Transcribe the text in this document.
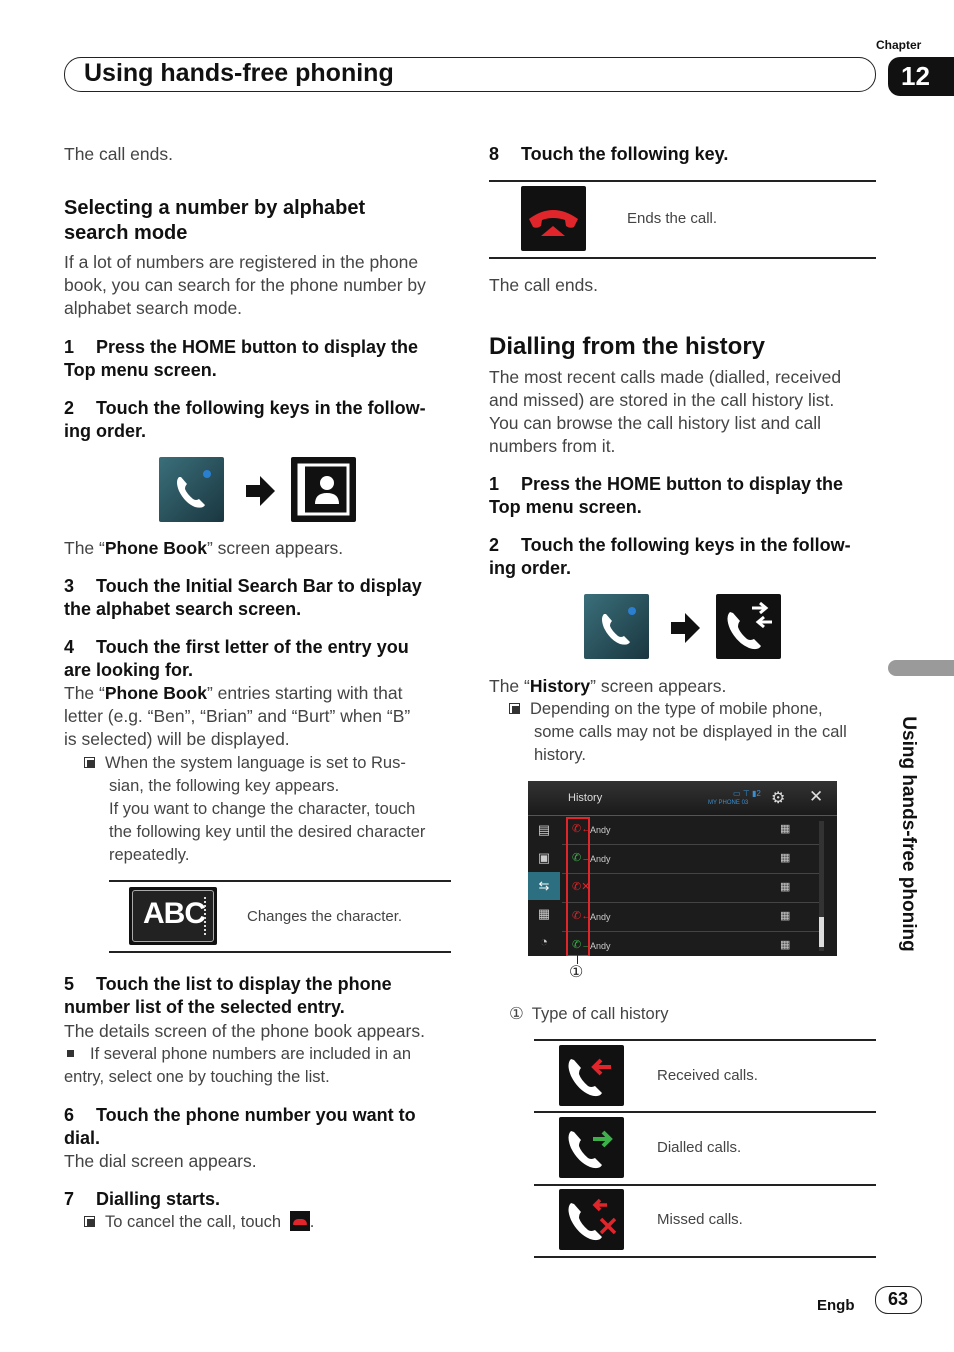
Chapter
Using hands-free phoning	12
Using hands-free phoning
The call ends.
Selecting a number by alphabet
search mode
If a lot of numbers are registered in the phone
book, you can search for the phone number by
alphabet search mode.
1 Press the HOME button to display the
Top menu screen.
2 Touch the following keys in the follow-
ing order.
The “Phone Book” screen appears.
3 Touch the Initial Search Bar to display
the alphabet search screen.
4 Touch the first letter of the entry you
are looking for.
The “Phone Book” entries starting with that
letter (e.g. “Ben”, “Brian” and “Burt” when “B”
is selected) will be displayed.
When the system language is set to Rus-
sian, the following key appears.
If you want to change the character, touch
the following key until the desired character
repeatedly.
ABC	Changes the character.
5 Touch the list to display the phone
number list of the selected entry.
The details screen of the phone book appears.
If several phone numbers are included in an
entry, select one by touching the list.
6 Touch the phone number you want to
dial.
The dial screen appears.
7 Dialling starts.
To cancel the call, touch .
8 Touch the following key.
Ends the call.
The call ends.
Dialling from the history
The most recent calls made (dialled, received
and missed) are stored in the call history list.
You can browse the call history list and call
numbers from it.
1 Press the HOME button to display the
Top menu screen.
2 Touch the following keys in the follow-
ing order.
The “History” screen appears.
Depending on the type of mobile phone,
some calls may not be displayed in the call
history.
History	MY PHONE 03
▭ ⊤ ▮2 ⚙ ✕
▤
▣
⇆
▦
◔
✆←
Andy	▦
✆→
Andy	▦
✆✕	▦
✆←
Andy	▦
✆→
Andy	▦
①
① Type of call history
Received calls.
Dialled calls.
Missed calls.
Engb 63
